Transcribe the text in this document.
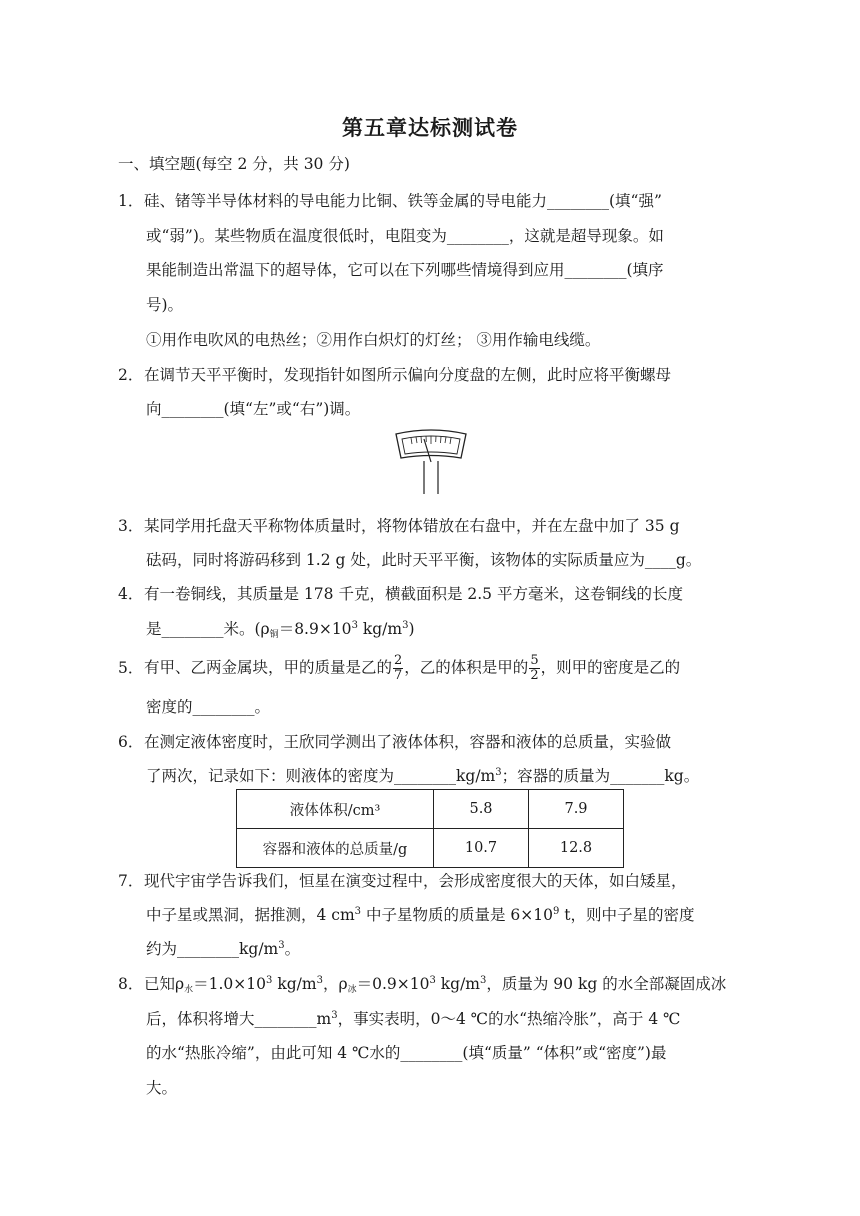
第五章达标测试卷
一、填空题(每空 2 分，共 30 分)
1．硅、锗等半导体材料的导电能力比铜、铁等金属的导电能力________(填“强”
或“弱”)。某些物质在温度很低时，电阻变为________，这就是超导现象。如
果能制造出常温下的超导体，它可以在下列哪些情境得到应用________(填序
号)。
①用作电吹风的电热丝；②用作白炽灯的灯丝； ③用作输电线缆。
2．在调节天平平衡时，发现指针如图所示偏向分度盘的左侧，此时应将平衡螺母
向________(填“左”或“右”)调。
3．某同学用托盘天平称物体质量时，将物体错放在右盘中，并在左盘中加了 35 g
砝码，同时将游码移到 1.2 g 处，此时天平平衡，该物体的实际质量应为____g。
4．有一卷铜线，其质量是 178 千克，横截面积是 2.5 平方毫米，这卷铜线的长度
是________米。($\rho_铜=8.9\times 10^3$ $kg/m^3$)
5．有甲、乙两金属块，甲的质量是乙的 $\frac{2}{7}$ ，乙的体积是甲的 $\frac{5}{2}$ ，则甲的密度是乙的
密度的________。
6．在测定液体密度时，王欣同学测出了液体体积，容器和液体的总质量，实验做
了两次，记录如下：则液体的密度为$\_\_\_\_\_\_\_\_kg/m^3$；容器的质量为_______kg。
液体体积/cm³	5.8	7.9
容器和液体的总质量/g	10.7	12.8
7．现代宇宙学告诉我们，恒星在演变过程中，会形成密度很大的天体，如白矮星，
中子星或黑洞，据推测，4 $cm^3$ 中子星物质的质量是 $6\times 10^9$ t，则中子星的密度
约为$\_\_\_\_\_\_\_\_kg/m^3$。
8．已知$\rho_水=1.0\times 10^3$ $kg/m^3$，$\rho_冰=0.9\times 10^3$ $kg/m^3$，质量为 90 kg 的水全部凝固成冰
后，体积将增大$\_\_\_\_\_\_\_\_m^3$，事实表明，0～4 ℃的水“热缩冷胀”，高于 4 ℃
的水“热胀冷缩”，由此可知 4 ℃水的________(填“质量” “体积”或“密度”)最
大。
